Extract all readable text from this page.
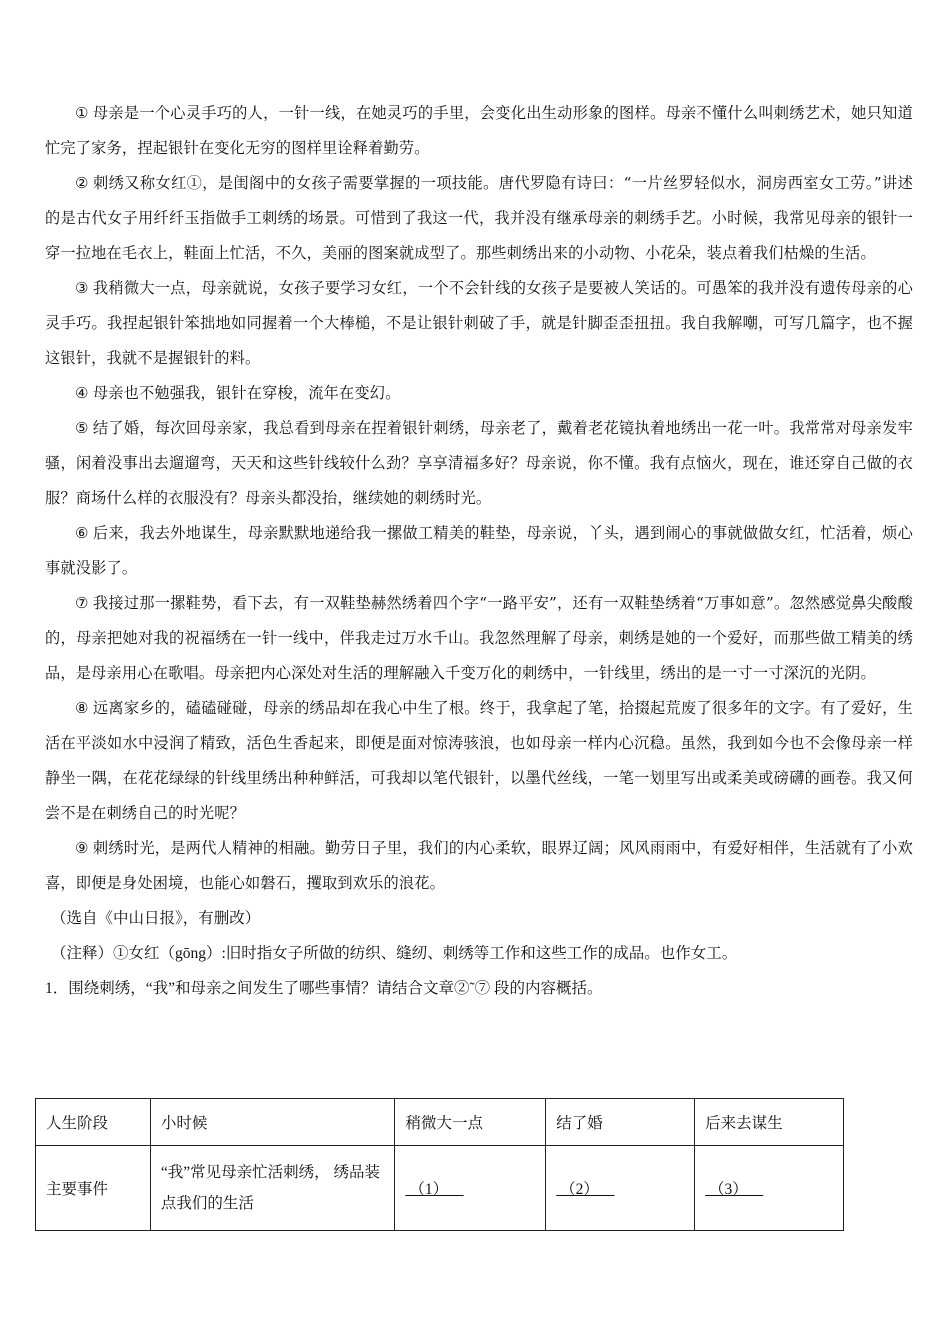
① 母亲是一个心灵手巧的人，一针一线，在她灵巧的手里，会变化出生动形象的图样。母亲不懂什么叫刺绣艺术，她只知道忙完了家务，捏起银针在变化无穷的图样里诠释着勤劳。

② 刺绣又称女红①，是闺阁中的女孩子需要掌握的一项技能。唐代罗隐有诗曰：“一片丝罗轻似水，洞房西室女工劳。”讲述的是古代女子用纤纤玉指做手工刺绣的场景。可惜到了我这一代，我并没有继承母亲的刺绣手艺。小时候，我常见母亲的银针一穿一拉地在毛衣上，鞋面上忙活，不久，美丽的图案就成型了。那些刺绣出来的小动物、小花朵，装点着我们枯燥的生活。

③ 我稍微大一点，母亲就说，女孩子要学习女红，一个不会针线的女孩子是要被人笑话的。可愚笨的我并没有遗传母亲的心灵手巧。我捏起银针笨拙地如同握着一个大棒槌，不是让银针刺破了手，就是针脚歪歪扭扭。我自我解嘲，可写几篇字，也不握这银针，我就不是握银针的料。

④ 母亲也不勉强我，银针在穿梭，流年在变幻。

⑤ 结了婚，每次回母亲家，我总看到母亲在捏着银针刺绣，母亲老了，戴着老花镜执着地绣出一花一叶。我常常对母亲发牢骚，闲着没事出去遛遛弯，天天和这些针线较什么劲？享享清福多好？母亲说，你不懂。我有点恼火，现在，谁还穿自己做的衣服？商场什么样的衣服没有？母亲头都没抬，继续她的刺绣时光。

⑥ 后来，我去外地谋生，母亲默默地递给我一摞做工精美的鞋垫，母亲说，丫头，遇到闹心的事就做做女红，忙活着，烦心事就没影了。

⑦ 我接过那一摞鞋势，看下去，有一双鞋垫赫然绣着四个字“一路平安”，还有一双鞋垫绣着“万事如意”。忽然感觉鼻尖酸酸的，母亲把她对我的祝福绣在一针一线中，伴我走过万水千山。我忽然理解了母亲，刺绣是她的一个爱好，而那些做工精美的绣品，是母亲用心在歌唱。母亲把内心深处对生活的理解融入千变万化的刺绣中，一针线里，绣出的是一寸一寸深沉的光阴。

⑧ 远离家乡的，磕磕碰碰，母亲的绣品却在我心中生了根。终于，我拿起了笔，拾掇起荒废了很多年的文字。有了爱好，生活在平淡如水中浸润了精致，活色生香起来，即便是面对惊涛骇浪，也如母亲一样内心沉稳。虽然，我到如今也不会像母亲一样静坐一隅，在花花绿绿的针线里绣出种种鲜活，可我却以笔代银针，以墨代丝线，一笔一划里写出或柔美或磅礴的画卷。我又何尝不是在刺绣自己的时光呢？

⑨ 刺绣时光，是两代人精神的相融。勤劳日子里，我们的内心柔软，眼界辽阔；风风雨雨中，有爱好相伴，生活就有了小欢喜，即便是身处困境，也能心如磐石，攫取到欢乐的浪花。

（选自《中山日报》，有删改）

（注释）①女红（gōng）:旧时指女子所做的纺织、缝纫、刺绣等工作和这些工作的成品。也作女工。

1．围绕刺绣，“我”和母亲之间发生了哪些事情？请结合文章②˜⑦ 段的内容概括。

人生阶段	小时候	稍微大一点	结了婚	后来去谋生
主要事件	“我”常见母亲忙活刺绣， 绣品装点我们的生活	（1）	（2）	（3）
